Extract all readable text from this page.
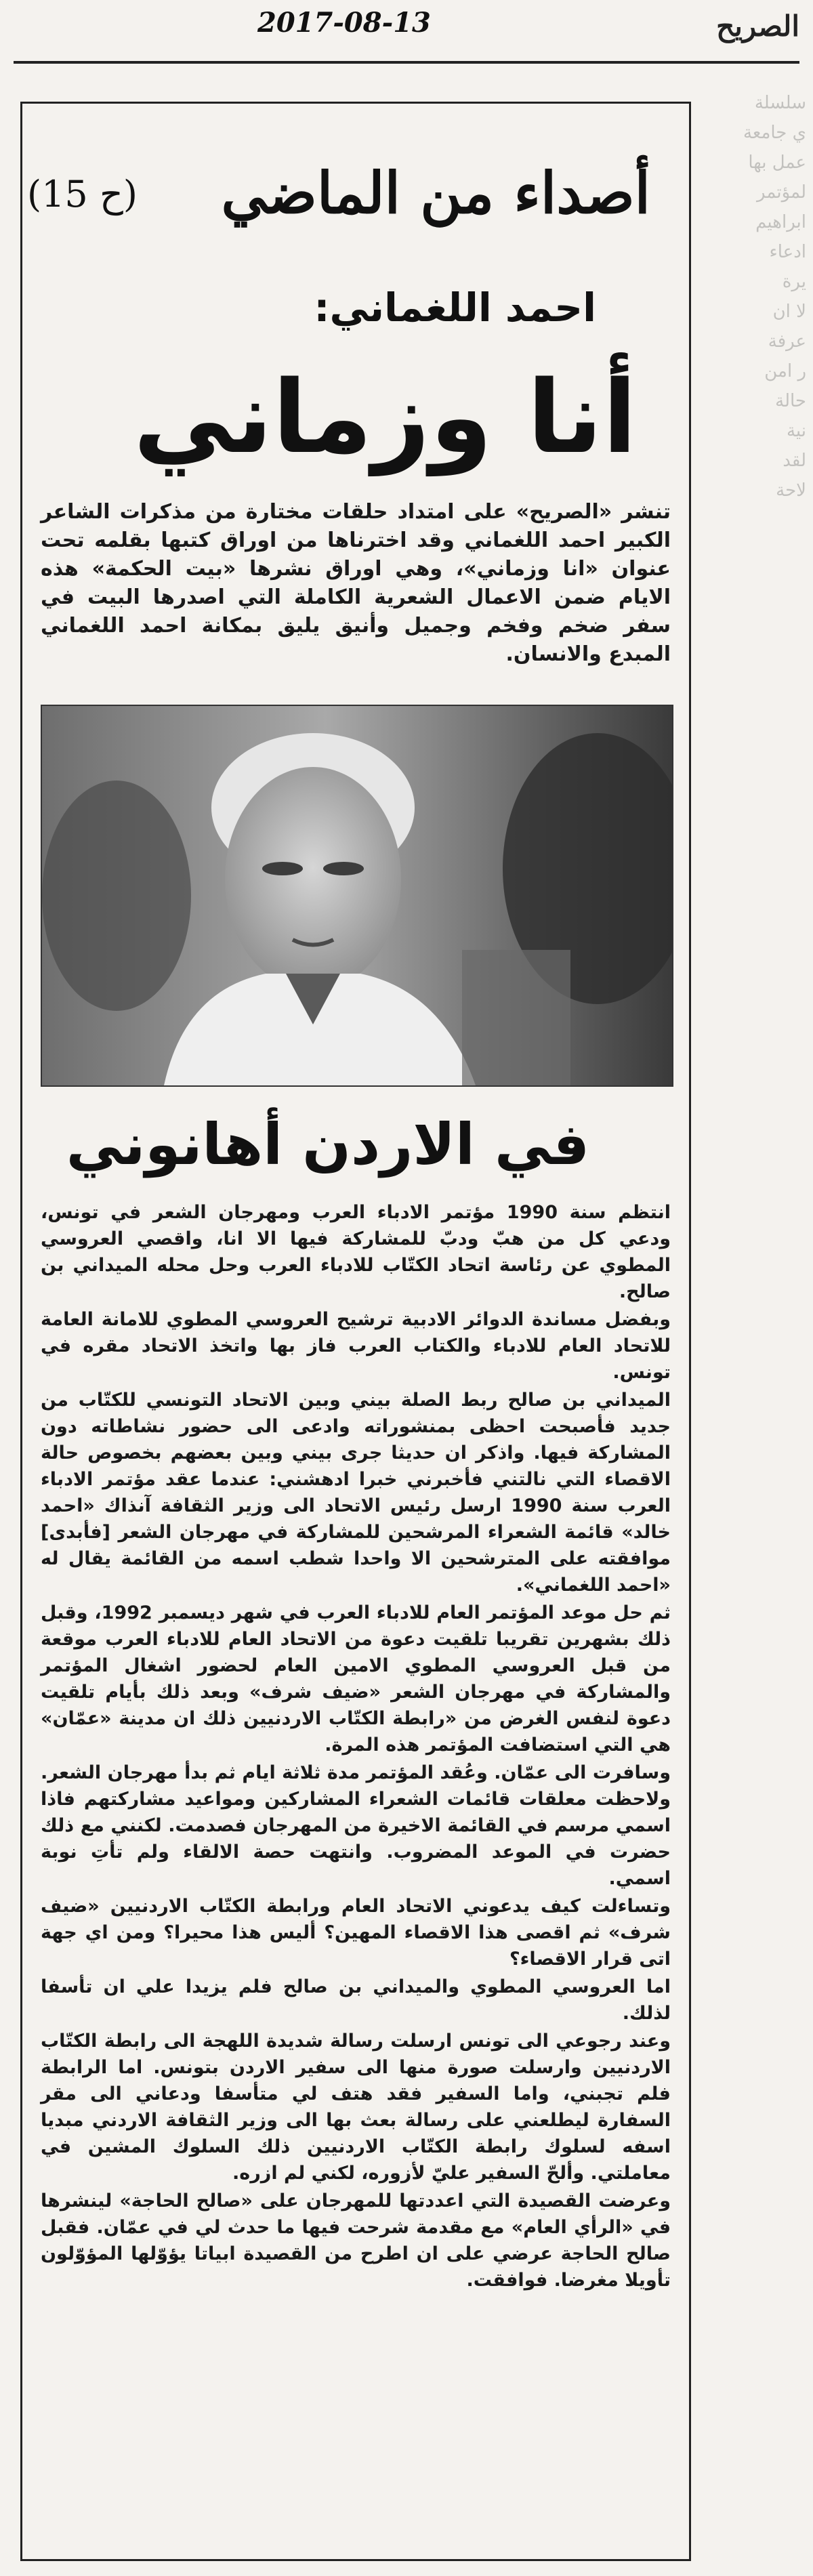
2017-08-13	الصريح
سلسلة
ي جامعة
عمل بها
لمؤتمر
ابراهيم
ادعاء
يرة
لا ان
عرفة
ر امن
حالة
نية
لقد
لاحة
أصداء من الماضي
(ح 15)
احمد اللغماني:
أنا وزماني
تنشر «الصريح» على امتداد حلقات مختارة من مذكرات الشاعر الكبير احمد اللغماني وقد اخترناها من اوراق كتبها بقلمه تحت عنوان «انا وزماني»، وهي اوراق نشرها «بيت الحكمة» هذه الايام ضمن الاعمال الشعرية الكاملة التي اصدرها البيت في سفر ضخم وفخم وجميل وأنيق يليق بمكانة احمد اللغماني المبدع والانسان.
في الاردن أهانوني

انتظم سنة 1990 مؤتمر الادباء العرب ومهرجان الشعر في تونس، ودعي كل من هبّ ودبّ للمشاركة فيها الا انا، واقصي العروسي المطوي عن رئاسة اتحاد الكتّاب للادباء العرب وحل محله الميداني بن صالح.

وبفضل مساندة الدوائر الادبية ترشيح العروسي المطوي للامانة العامة للاتحاد العام للادباء والكتاب العرب فاز بها واتخذ الاتحاد مقره في تونس.

الميداني بن صالح ربط الصلة بيني وبين الاتحاد التونسي للكتّاب من جديد فأصبحت احظى بمنشوراته وادعى الى حضور نشاطاته دون المشاركة فيها. واذكر ان حديثا جرى بيني وبين بعضهم بخصوص حالة الاقصاء التي نالتني فأخبرني خبرا ادهشني: عندما عقد مؤتمر الادباء العرب سنة 1990 ارسل رئيس الاتحاد الى وزير الثقافة آنذاك «احمد خالد» قائمة الشعراء المرشحين للمشاركة في مهرجان الشعر [فأبدى] موافقته على المترشحين الا واحدا شطب اسمه من القائمة يقال له «احمد اللغماني».

ثم حل موعد المؤتمر العام للادباء العرب في شهر ديسمبر 1992، وقبل ذلك بشهرين تقريبا تلقيت دعوة من الاتحاد العام للادباء العرب موقعة من قبل العروسي المطوي الامين العام لحضور اشغال المؤتمر والمشاركة في مهرجان الشعر «ضيف شرف» وبعد ذلك بأيام تلقيت دعوة لنفس الغرض من «رابطة الكتّاب الاردنيين ذلك ان مدينة «عمّان» هي التي استضافت المؤتمر هذه المرة.

وسافرت الى عمّان. وعُقد المؤتمر مدة ثلاثة ايام ثم بدأ مهرجان الشعر. ولاحظت معلقات قائمات الشعراء المشاركين ومواعيد مشاركتهم فاذا اسمي مرسم في القائمة الاخيرة من المهرجان فصدمت. لكنني مع ذلك حضرت في الموعد المضروب. وانتهت حصة الالقاء ولم تأتِ نوبة اسمي.

وتساءلت كيف يدعوني الاتحاد العام ورابطة الكتّاب الاردنيين «ضيف شرف» ثم اقصى هذا الاقصاء المهين؟ أليس هذا محيرا؟ ومن اي جهة اتى قرار الاقصاء؟

اما العروسي المطوي والميداني بن صالح فلم يزيدا علي ان تأسفا لذلك.

وعند رجوعي الى تونس ارسلت رسالة شديدة اللهجة الى رابطة الكتّاب الاردنيين وارسلت صورة منها الى سفير الاردن بتونس. اما الرابطة فلم تجبني، واما السفير فقد هتف لي متأسفا ودعاني الى مقر السفارة ليطلعني على رسالة بعث بها الى وزير الثقافة الاردني مبديا اسفه لسلوك رابطة الكتّاب الاردنيين ذلك السلوك المشين في معاملتي. وألحّ السفير عليّ لأزوره، لكني لم ازره.

وعرضت القصيدة التي اعددتها للمهرجان على «صالح الحاجة» لينشرها في «الرأي العام» مع مقدمة شرحت فيها ما حدث لي في عمّان. فقبل صالح الحاجة عرضي على ان اطرح من القصيدة ابياتا يؤوّلها المؤوّلون تأويلا مغرضا. فوافقت.
